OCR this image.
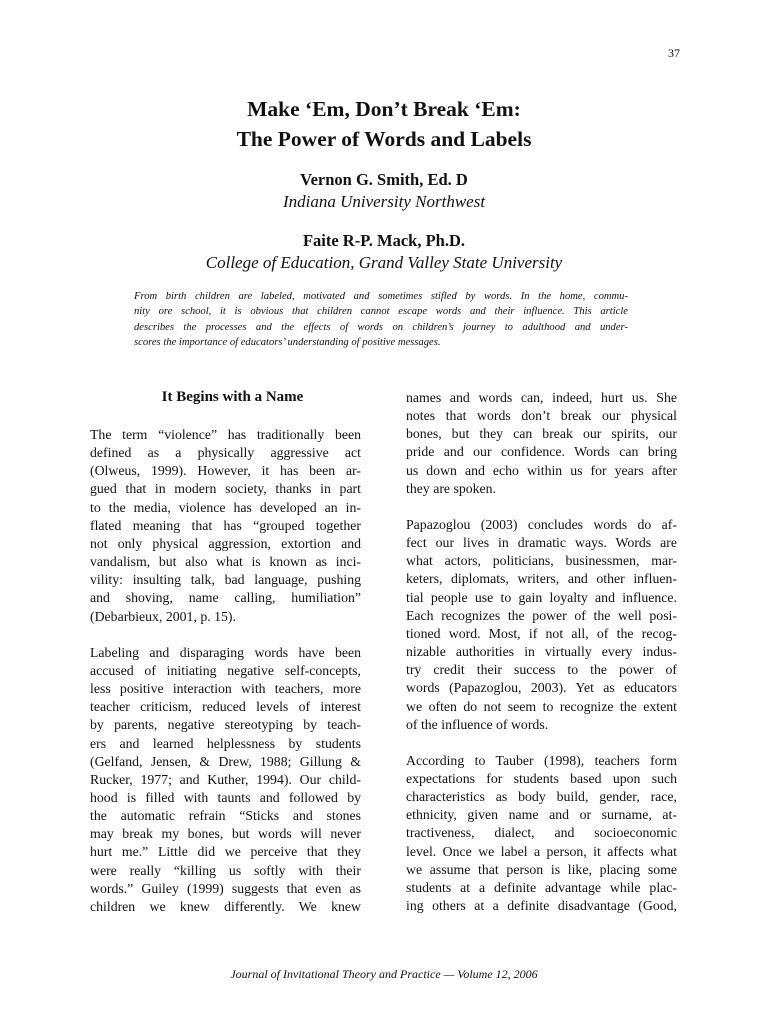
37
Make ‘Em, Don’t Break ‘Em:
The Power of Words and Labels
Vernon G. Smith, Ed. D
Indiana University Northwest
Faite R-P. Mack, Ph.D.
College of Education, Grand Valley State University
From birth children are labeled, motivated and sometimes stifled by words. In the home, commu-
nity ore school, it is obvious that children cannot escape words and their influence. This article
describes the processes and the effects of words on children’s journey to adulthood and under-
scores the importance of educators’ understanding of positive messages.
It Begins with a Name
The term “violence” has traditionally been
defined as a physically aggressive act
(Olweus, 1999). However, it has been ar-
gued that in modern society, thanks in part
to the media, violence has developed an in-
flated meaning that has “grouped together
not only physical aggression, extortion and
vandalism, but also what is known as inci-
vility: insulting talk, bad language, pushing
and shoving, name calling, humiliation”
(Debarbieux, 2001, p. 15).
Labeling and disparaging words have been
accused of initiating negative self-concepts,
less positive interaction with teachers, more
teacher criticism, reduced levels of interest
by parents, negative stereotyping by teach-
ers and learned helplessness by students
(Gelfand, Jensen, & Drew, 1988; Gillung &
Rucker, 1977; and Kuther, 1994). Our child-
hood is filled with taunts and followed by
the automatic refrain “Sticks and stones
may break my bones, but words will never
hurt me.” Little did we perceive that they
were really “killing us softly with their
words.” Guiley (1999) suggests that even as
children we knew differently. We knew
names and words can, indeed, hurt us. She
notes that words don’t break our physical
bones, but they can break our spirits, our
pride and our confidence. Words can bring
us down and echo within us for years after
they are spoken.
Papazoglou (2003) concludes words do af-
fect our lives in dramatic ways. Words are
what actors, politicians, businessmen, mar-
keters, diplomats, writers, and other influen-
tial people use to gain loyalty and influence.
Each recognizes the power of the well posi-
tioned word. Most, if not all, of the recog-
nizable authorities in virtually every indus-
try credit their success to the power of
words (Papazoglou, 2003). Yet as educators
we often do not seem to recognize the extent
of the influence of words.
According to Tauber (1998), teachers form
expectations for students based upon such
characteristics as body build, gender, race,
ethnicity, given name and or surname, at-
tractiveness, dialect, and socioeconomic
level. Once we label a person, it affects what
we assume that person is like, placing some
students at a definite advantage while plac-
ing others at a definite disadvantage (Good,
Journal of Invitational Theory and Practice — Volume 12, 2006
